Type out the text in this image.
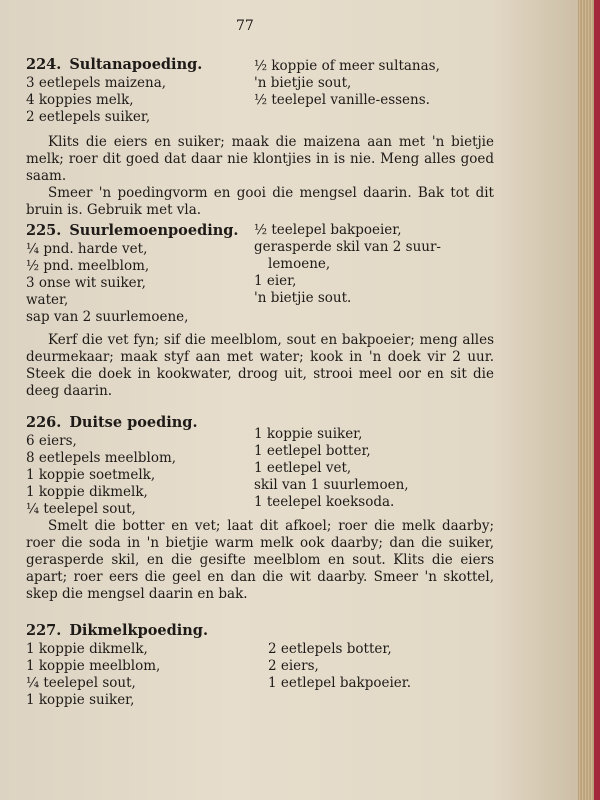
77
224. Sultanapoeding.
3 eetlepels maizena,
4 koppies melk,
2 eetlepels suiker,
½ koppie of meer sultanas,
'n bietjie sout,
½ teelepel vanille-essens.

Klits die eiers en suiker; maak die maizena aan met 'n bietjie melk; roer dit goed dat daar nie klontjies in is nie. Meng alles goed saam.

Smeer 'n poedingvorm en gooi die mengsel daarin. Bak tot dit bruin is. Gebruik met vla.

225. Suurlemoenpoeding.
¼ pnd. harde vet,
½ pnd. meelblom,
3 onse wit suiker,
water,
sap van 2 suurlemoene,
½ teelepel bakpoeier,
gerasperde skil van 2 suur-
lemoene,
1 eier,
'n bietjie sout.

Kerf die vet fyn; sif die meelblom, sout en bakpoeier; meng alles deurmekaar; maak styf aan met water; kook in 'n doek vir 2 uur. Steek die doek in kookwater, droog uit, strooi meel oor en sit die deeg daarin.

226. Duitse poeding.
6 eiers,
8 eetlepels meelblom,
1 koppie soetmelk,
1 koppie dikmelk,
¼ teelepel sout,
1 koppie suiker,
1 eetlepel botter,
1 eetlepel vet,
skil van 1 suurlemoen,
1 teelepel koeksoda.

Smelt die botter en vet; laat dit afkoel; roer die melk daarby; roer die soda in 'n bietjie warm melk ook daarby; dan die suiker, gerasperde skil, en die gesifte meelblom en sout. Klits die eiers apart; roer eers die geel en dan die wit daarby. Smeer 'n skottel, skep die mengsel daarin en bak.

227. Dikmelkpoeding.
1 koppie dikmelk,
1 koppie meelblom,
¼ teelepel sout,
1 koppie suiker,
2 eetlepels botter,
2 eiers,
1 eetlepel bakpoeier.
